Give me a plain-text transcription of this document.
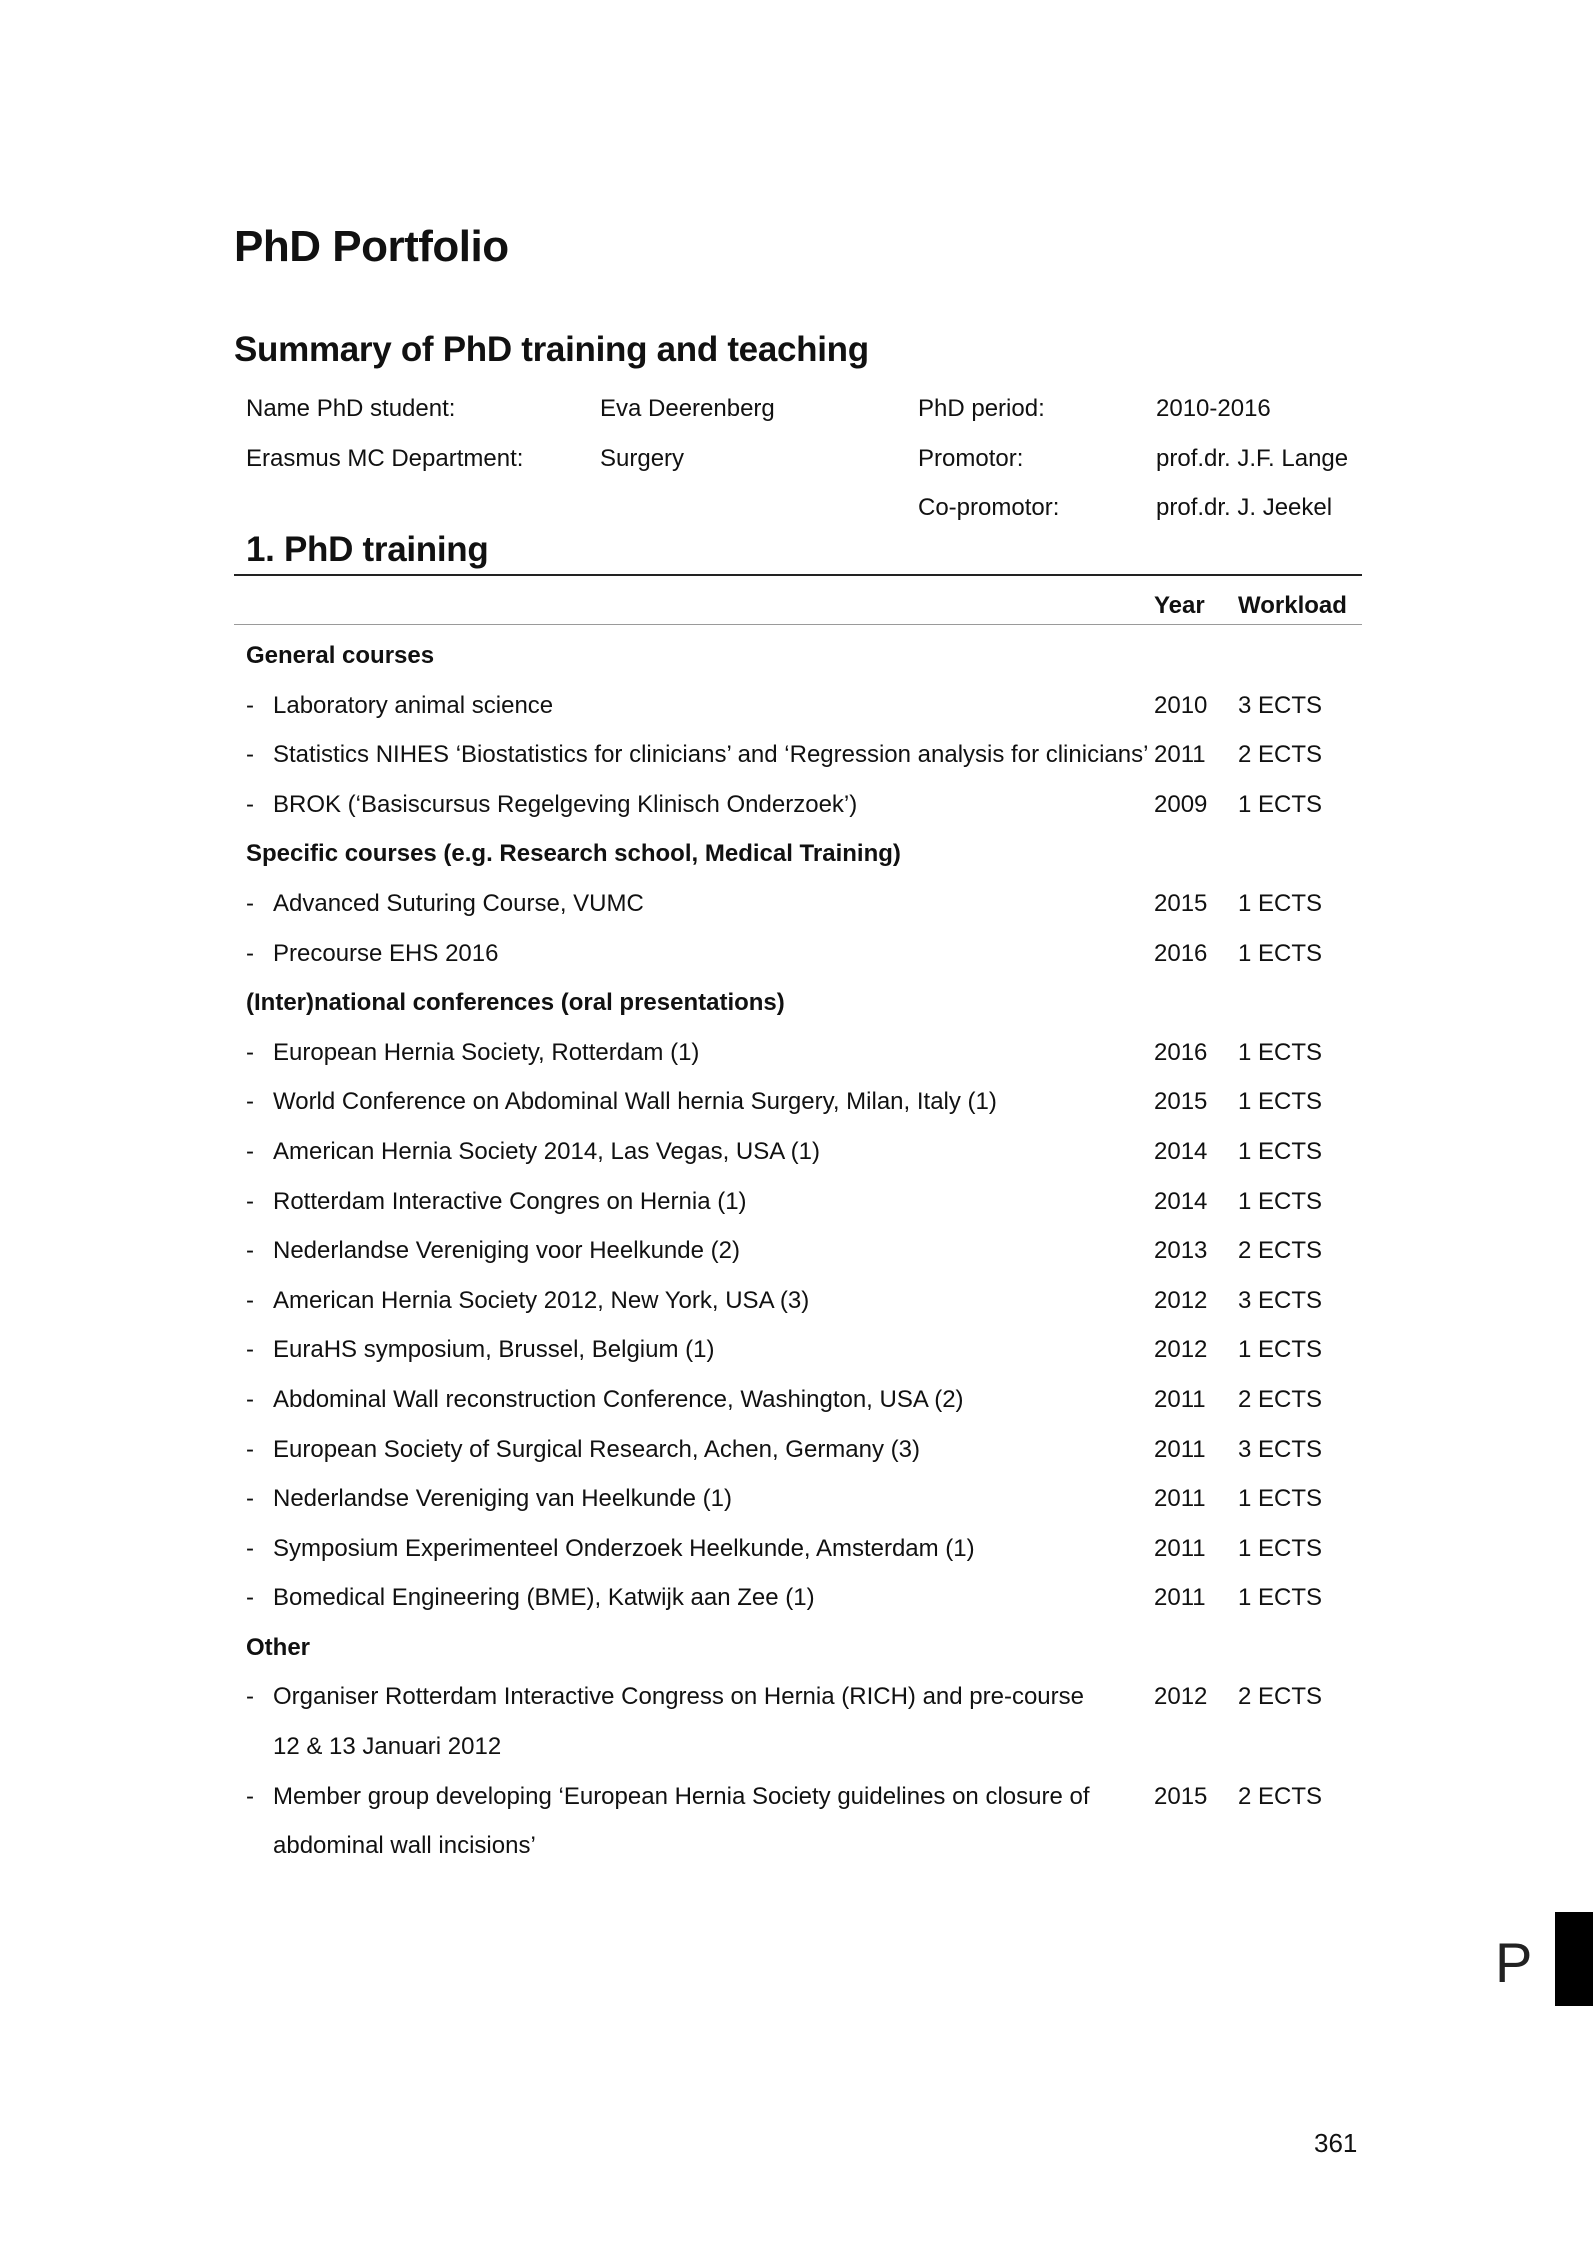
PhD Portfolio
Summary of PhD training and teaching
Name PhD student:	Eva Deerenberg	PhD period:	2010-2016
Erasmus MC Department:	Surgery	Promotor:	prof.dr. J.F. Lange
Co-promotor:	prof.dr. J. Jeekel
1. PhD training
Year Workload
General courses
- Laboratory animal science	2010 3 ECTS
- Statistics NIHES ‘Biostatistics for clinicians’ and ‘Regression analysis for clinicians’ 2011 2 ECTS
- BROK (‘Basiscursus Regelgeving Klinisch Onderzoek’)	2009 1 ECTS
Specific courses (e.g. Research school, Medical Training)
- Advanced Suturing Course, VUMC	2015 1 ECTS
- Precourse EHS 2016	2016 1 ECTS
(Inter)national conferences (oral presentations)
- European Hernia Society, Rotterdam (1)	2016 1 ECTS
- World Conference on Abdominal Wall hernia Surgery, Milan, Italy (1)	2015 1 ECTS
- American Hernia Society 2014, Las Vegas, USA (1)	2014 1 ECTS
- Rotterdam Interactive Congres on Hernia (1)	2014 1 ECTS
- Nederlandse Vereniging voor Heelkunde (2)	2013 2 ECTS
- American Hernia Society 2012, New York, USA (3)	2012 3 ECTS
- EuraHS symposium, Brussel, Belgium (1)	2012 1 ECTS
- Abdominal Wall reconstruction Conference, Washington, USA (2)	2011 2 ECTS
- European Society of Surgical Research, Achen, Germany (3)	2011 3 ECTS
- Nederlandse Vereniging van Heelkunde (1)	2011 1 ECTS
- Symposium Experimenteel Onderzoek Heelkunde, Amsterdam (1)	2011 1 ECTS
- Bomedical Engineering (BME), Katwijk aan Zee (1)	2011 1 ECTS
Other
- Organiser Rotterdam Interactive Congress on Hernia (RICH) and pre-course	2012 2 ECTS
12 & 13 Januari 2012
- Member group developing ‘European Hernia Society guidelines on closure of	2015 2 ECTS
abdominal wall incisions’
P
361
